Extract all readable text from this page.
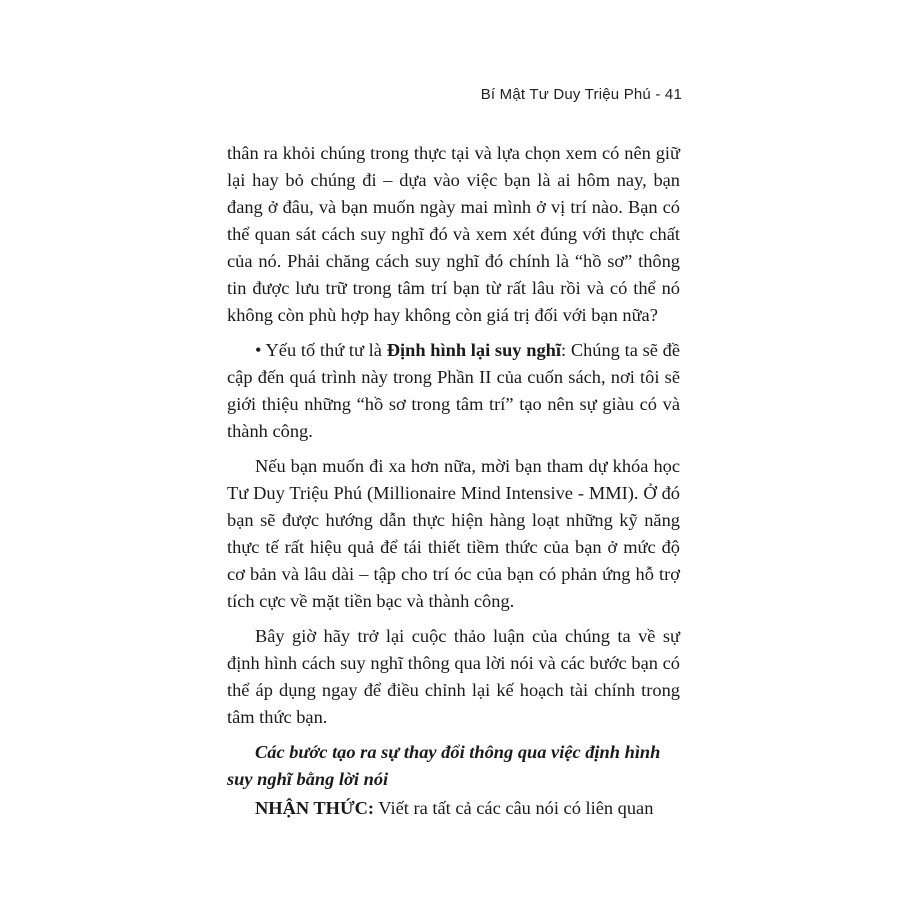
Bí Mật Tư Duy Triệu Phú - 41

thân ra khỏi chúng trong thực tại và lựa chọn xem có nên giữ lại hay bỏ chúng đi – dựa vào việc bạn là ai hôm nay, bạn đang ở đâu, và bạn muốn ngày mai mình ở vị trí nào. Bạn có thể quan sát cách suy nghĩ đó và xem xét đúng với thực chất của nó. Phải chăng cách suy nghĩ đó chính là “hồ sơ” thông tin được lưu trữ trong tâm trí bạn từ rất lâu rồi và có thể nó không còn phù hợp hay không còn giá trị đối với bạn nữa?

• Yếu tố thứ tư là Định hình lại suy nghĩ: Chúng ta sẽ đề cập đến quá trình này trong Phần II của cuốn sách, nơi tôi sẽ giới thiệu những “hồ sơ trong tâm trí” tạo nên sự giàu có và thành công.

Nếu bạn muốn đi xa hơn nữa, mời bạn tham dự khóa học Tư Duy Triệu Phú (Millionaire Mind Intensive - MMI). Ở đó bạn sẽ được hướng dẫn thực hiện hàng loạt những kỹ năng thực tế rất hiệu quả để tái thiết tiềm thức của bạn ở mức độ cơ bản và lâu dài – tập cho trí óc của bạn có phản ứng hỗ trợ tích cực về mặt tiền bạc và thành công.

Bây giờ hãy trở lại cuộc thảo luận của chúng ta về sự định hình cách suy nghĩ thông qua lời nói và các bước bạn có thể áp dụng ngay để điều chỉnh lại kế hoạch tài chính trong tâm thức bạn.

Các bước tạo ra sự thay đổi thông qua việc định hình suy nghĩ bằng lời nói

NHẬN THỨC: Viết ra tất cả các câu nói có liên quan
